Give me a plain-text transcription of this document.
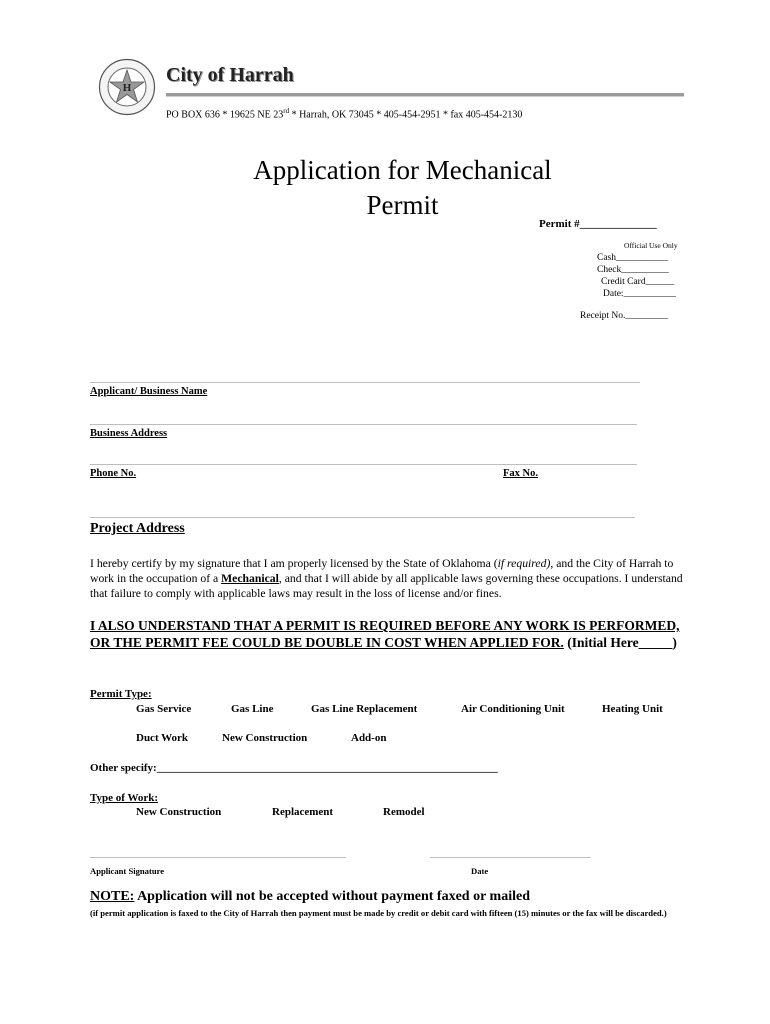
H
City of Harrah
PO BOX 636 * 19625 NE 23rd * Harrah, OK 73045 * 405-454-2951 * fax 405-454-2130
Application for Mechanical
Permit
Permit #______________
Official Use Only
Cash___________
Check__________
Credit Card______
Date:___________
Receipt No._________
Applicant/ Business Name
Business Address
Phone No.	Fax No.
Project Address
I hereby certify by my signature that I am properly licensed by the State of Oklahoma (if required), and the City of Harrah to work in the occupation of a Mechanical, and that I will abide by all applicable laws governing these occupations. I understand that failure to comply with applicable laws may result in the loss of license and/or fines.
I ALSO UNDERSTAND THAT A PERMIT IS REQUIRED BEFORE ANY WORK IS PERFORMED, OR THE PERMIT FEE COULD BE DOUBLE IN COST WHEN APPLIED FOR. (Initial Here_____)
Permit Type:
Gas Service	Gas Line	Gas Line Replacement	Air Conditioning Unit	Heating Unit
Duct Work	New Construction	Add-on
Other specify:______________________________________________________________
Type of Work:
New Construction	Replacement	Remodel
Applicant Signature	Date
NOTE: Application will not be accepted without payment faxed or mailed
(if permit application is faxed to the City of Harrah then payment must be made by credit or debit card with fifteen (15) minutes or the fax will be discarded.)
